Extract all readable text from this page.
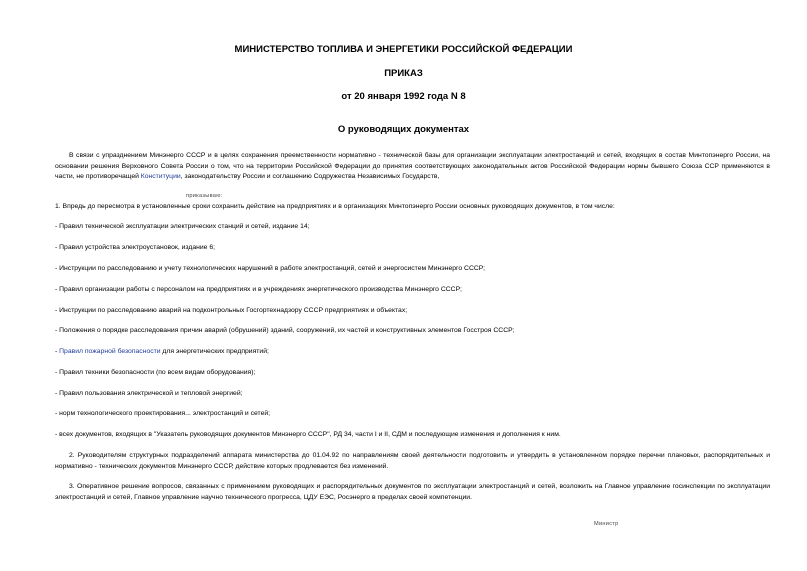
МИНИСТЕРСТВО ТОПЛИВА И ЭНЕРГЕТИКИ РОССИЙСКОЙ ФЕДЕРАЦИИ
ПРИКАЗ
от 20 января 1992 года N 8
О руководящих документах
В связи с упразднением Минэнерго СССР и в целях сохранения преемственности нормативно - технической базы для организации эксплуатации электростанций и сетей, входящих в состав Минтопэнерго России, на основании решения Верховного Совета России о том, что на территории Российской Федерации до принятия соответствующих законодательных актов Российской Федерации нормы бывшего Союза ССР применяются в части, не противоречащей Конституции, законодательству России и соглашению Содружества Независимых Государств,
приказываю:
1. Впредь до пересмотра в установленные сроки сохранить действие на предприятиях и в организациях Минтопэнерго России основных руководящих документов, в том числе:
- Правил технической эксплуатации электрических станций и сетей, издание 14;
- Правил устройства электроустановок, издание 6;
- Инструкции по расследованию и учету технологических нарушений в работе электростанций, сетей и энергосистем Минэнерго СССР;
- Правил организации работы с персоналом на предприятиях и в учреждениях энергетического производства Минэнерго СССР;
- Инструкции по расследованию аварий на подконтрольных Госгортехнадзору СССР предприятиях и объектах;
- Положения о порядке расследования причин аварий (обрушений) зданий, сооружений, их частей и конструктивных элементов Госстроя СССР;
- Правил пожарной безопасности для энергетических предприятий;
- Правил техники безопасности (по всем видам оборудования);
- Правил пользования электрической и тепловой энергией;
- норм технологического проектирования... электростанций и сетей;
- всех документов, входящих в "Указатель руководящих документов Минэнерго СССР", РД 34, части I и II, СДМ и последующие изменения и дополнения к ним.
2. Руководителям структурных подразделений аппарата министерства до 01.04.92 по направлениям своей деятельности подготовить и утвердить в установленном порядке перечни плановых, распорядительных и нормативно - технических документов Минэнерго СССР, действие которых продлевается без изменений.
3. Оперативное решение вопросов, связанных с применением руководящих и распорядительных документов по эксплуатации электростанций и сетей, возложить на Главное управление госинспекции по эксплуатации электростанций и сетей, Главное управление научно технического прогресса, ЦДУ ЕЭС, Росэнерго в пределах своей компетенции.
Министр
